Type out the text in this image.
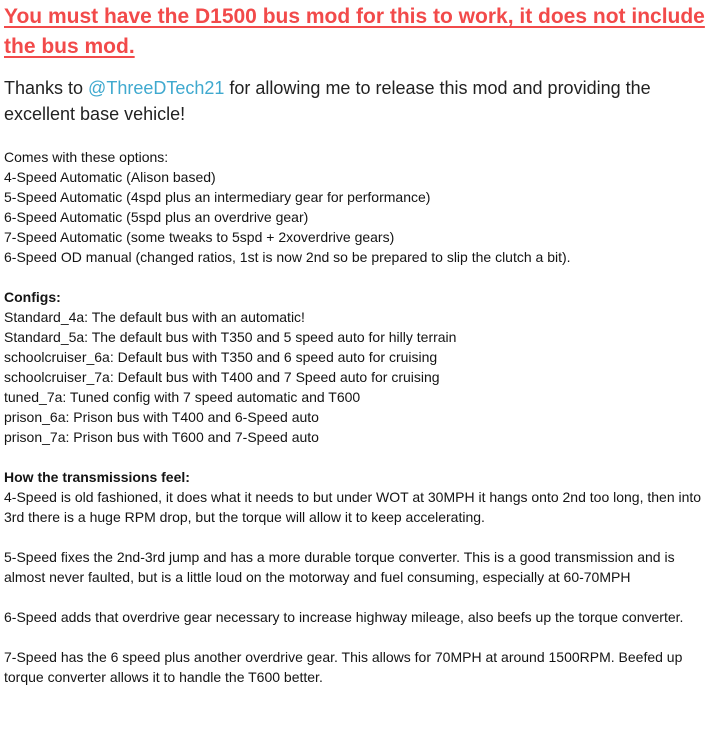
You must have the D1500 bus mod for this to work, it does not include the bus mod.

Thanks to @ThreeDTech21 for allowing me to release this mod and providing the excellent base vehicle!

Comes with these options:
4-Speed Automatic (Alison based)
5-Speed Automatic (4spd plus an intermediary gear for performance)
6-Speed Automatic (5spd plus an overdrive gear)
7-Speed Automatic (some tweaks to 5spd + 2xoverdrive gears)
6-Speed OD manual (changed ratios, 1st is now 2nd so be prepared to slip the clutch a bit).
Configs:
Standard_4a: The default bus with an automatic!
Standard_5a: The default bus with T350 and 5 speed auto for hilly terrain
schoolcruiser_6a: Default bus with T350 and 6 speed auto for cruising
schoolcruiser_7a: Default bus with T400 and 7 Speed auto for cruising
tuned_7a: Tuned config with 7 speed automatic and T600
prison_6a: Prison bus with T400 and 6-Speed auto
prison_7a: Prison bus with T600 and 7-Speed auto
How the transmissions feel:
4-Speed is old fashioned, it does what it needs to but under WOT at 30MPH it hangs onto 2nd too long, then into 3rd there is a huge RPM drop, but the torque will allow it to keep accelerating.
5-Speed fixes the 2nd-3rd jump and has a more durable torque converter. This is a good transmission and is almost never faulted, but is a little loud on the motorway and fuel consuming, especially at 60-70MPH
6-Speed adds that overdrive gear necessary to increase highway mileage, also beefs up the torque converter.
7-Speed has the 6 speed plus another overdrive gear. This allows for 70MPH at around 1500RPM. Beefed up torque converter allows it to handle the T600 better.
